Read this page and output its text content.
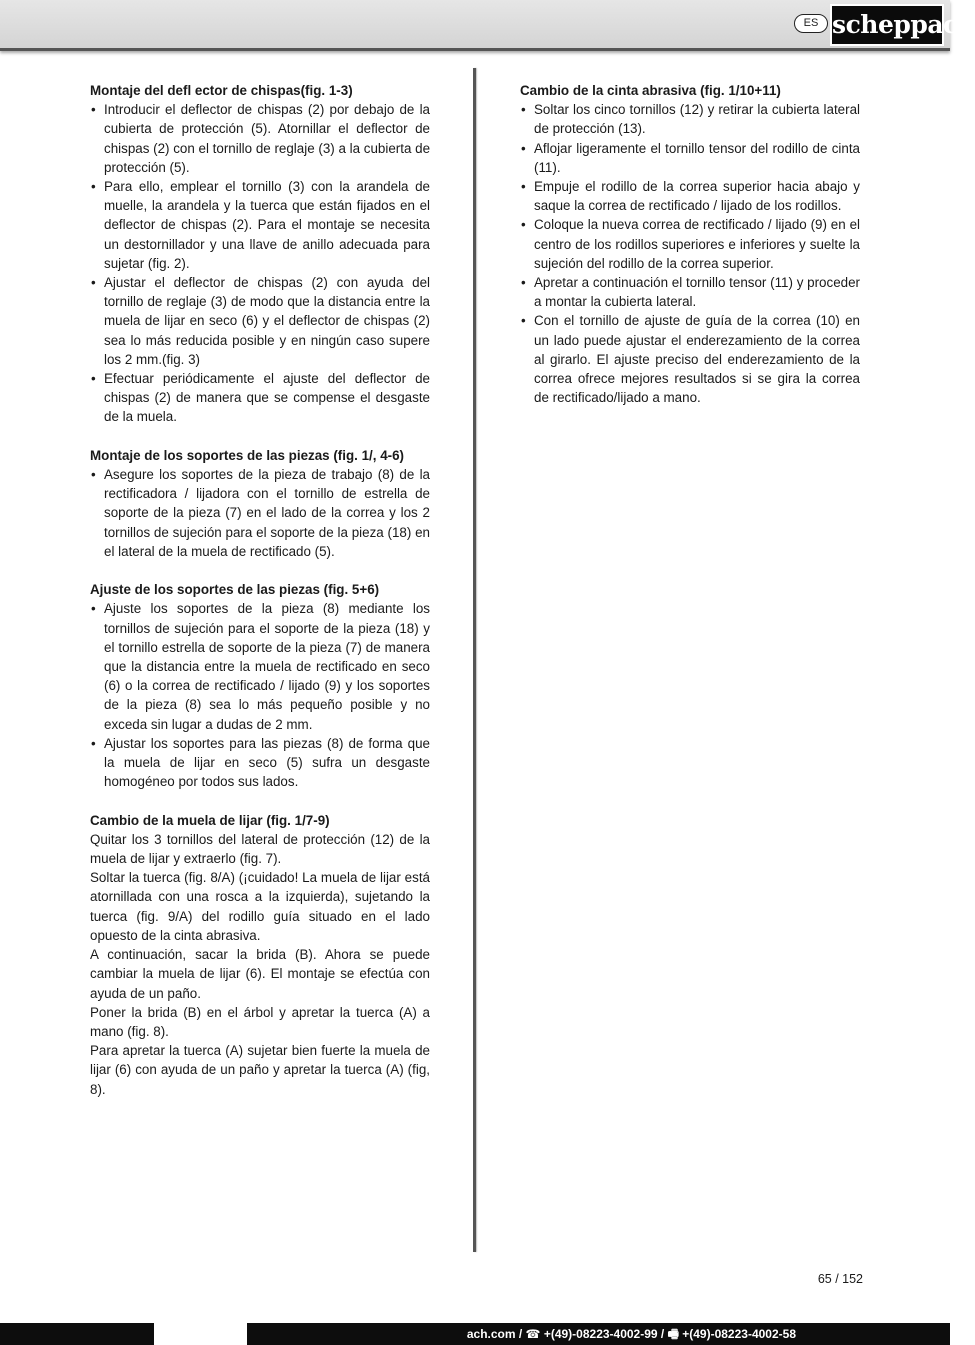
ES scheppach
Montaje del defl ector de chispas(fig. 1-3)
• Introducir el deflector de chispas (2) por debajo de la cubierta de protección (5). Atornillar el deflector de chispas (2) con el tornillo de reglaje (3) a la cubierta de protección (5).
• Para ello, emplear el tornillo (3) con la arandela de muelle, la arandela y la tuerca que están fijados en el deflector de chispas (2). Para el montaje se necesita un destornillador y una llave de anillo adecuada para sujetar (fig. 2).
• Ajustar el deflector de chispas (2) con ayuda del tornillo de reglaje (3) de modo que la distancia entre la muela de lijar en seco (6) y el deflector de chispas (2) sea lo más reducida posible y en ningún caso supere los 2 mm.(fig. 3)
• Efectuar periódicamente el ajuste del deflector de chispas (2) de manera que se compense el desgaste de la muela.
Montaje de los soportes de las piezas (fig. 1/, 4-6)
• Asegure los soportes de la pieza de trabajo (8) de la rectificadora / lijadora con el tornillo de estrella de soporte de la pieza (7) en el lado de la correa y los 2 tornillos de sujeción para el soporte de la pieza (18) en el lateral de la muela de rectificado (5).
Ajuste de los soportes de las piezas (fig. 5+6)
• Ajuste los soportes de la pieza (8) mediante los tornillos de sujeción para el soporte de la pieza (18) y el tornillo estrella de soporte de la pieza (7) de manera que la distancia entre la muela de rectificado en seco (6) o la correa de rectificado / lijado (9) y los soportes de la pieza (8) sea lo más pequeño posible y no exceda sin lugar a dudas de 2 mm.
• Ajustar los soportes para las piezas (8) de forma que la muela de lijar en seco (5) sufra un desgaste homogéneo por todos sus lados.
Cambio de la muela de lijar (fig. 1/7-9)

Quitar los 3 tornillos del lateral de protección (12) de la muela de lijar y extraerlo (fig. 7).

Soltar la tuerca (fig. 8/A) (¡cuidado! La muela de lijar está atornillada con una rosca a la izquierda), sujetando la tuerca (fig. 9/A) del rodillo guía situado en el lado opuesto de la cinta abrasiva.

A continuación, sacar la brida (B). Ahora se puede cambiar la muela de lijar (6). El montaje se efectúa con ayuda de un paño.

Poner la brida (B) en el árbol y apretar la tuerca (A) a mano (fig. 8).

Para apretar la tuerca (A) sujetar bien fuerte la muela de lijar (6) con ayuda de un paño y apretar la tuerca (A) (fig, 8).

Cambio de la cinta abrasiva (fig. 1/10+11)
• Soltar los cinco tornillos (12) y retirar la cubierta lateral de protección (13).
• Aflojar ligeramente el tornillo tensor del rodillo de cinta (11).
• Empuje el rodillo de la correa superior hacia abajo y saque la correa de rectificado / lijado de los rodillos.
• Coloque la nueva correa de rectificado / lijado (9) en el centro de los rodillos superiores e inferiores y suelte la sujeción del rodillo de la correa superior.
• Apretar a continuación el tornillo tensor (11) y proceder a montar la cubierta lateral.
• Con el tornillo de ajuste de guía de la correa (10) en un lado puede ajustar el enderezamiento de la correa al girarlo. El ajuste preciso del enderezamiento de la correa ofrece mejores resultados si se gira la correa de rectificado/lijado a mano.
65 / 152
ach.com / ☎ +(49)-08223-4002-99 / 🖷 +(49)-08223-4002-58
